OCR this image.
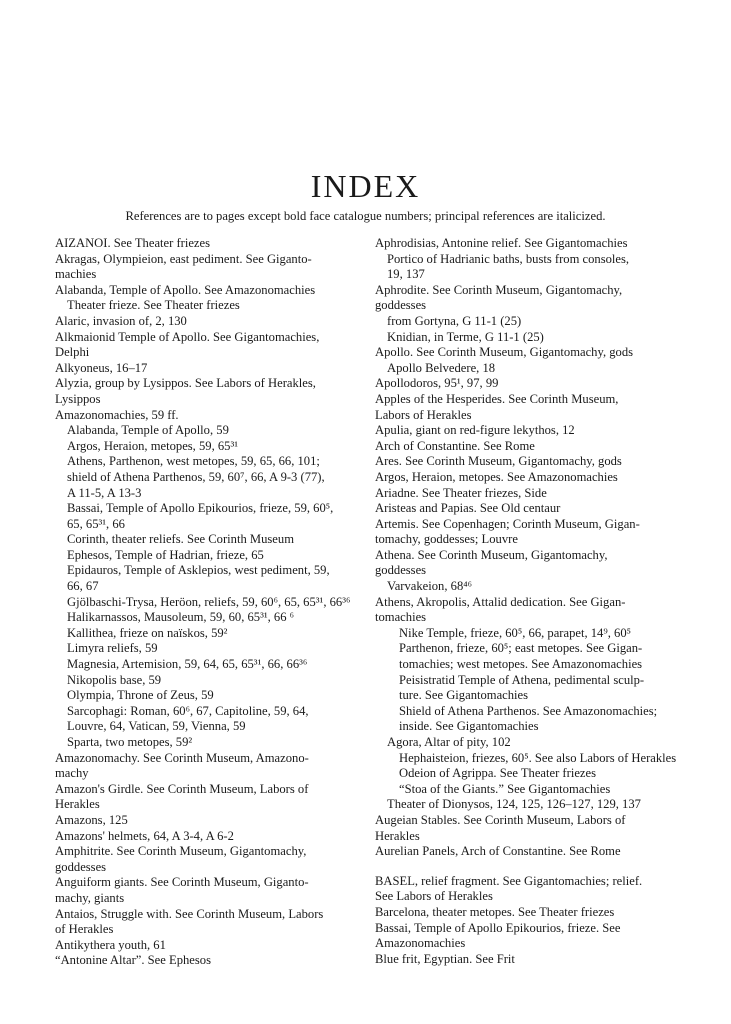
INDEX
References are to pages except bold face catalogue numbers; principal references are italicized.
AIZANOI. See Theater friezes
Akragas, Olympieion, east pediment. See Giganto-
machies
Alabanda, Temple of Apollo. See Amazonomachies
Theater frieze. See Theater friezes
Alaric, invasion of, 2, 130
Alkmaionid Temple of Apollo. See Gigantomachies,
Delphi
Alkyoneus, 16–17
Alyzia, group by Lysippos. See Labors of Herakles,
Lysippos
Amazonomachies, 59 ff.
Alabanda, Temple of Apollo, 59
Argos, Heraion, metopes, 59, 65³¹
Athens, Parthenon, west metopes, 59, 65, 66, 101;
shield of Athena Parthenos, 59, 60⁷, 66, A 9-3 (77),
A 11-5, A 13-3
Bassai, Temple of Apollo Epikourios, frieze, 59, 60⁵,
65, 65³¹, 66
Corinth, theater reliefs. See Corinth Museum
Ephesos, Temple of Hadrian, frieze, 65
Epidauros, Temple of Asklepios, west pediment, 59,
66, 67
Gjölbaschi-Trysa, Heröon, reliefs, 59, 60⁶, 65, 65³¹, 66³⁶
Halikarnassos, Mausoleum, 59, 60, 65³¹, 66 ⁶
Kallithea, frieze on naïskos, 59²
Limyra reliefs, 59
Magnesia, Artemision, 59, 64, 65, 65³¹, 66, 66³⁶
Nikopolis base, 59
Olympia, Throne of Zeus, 59
Sarcophagi: Roman, 60⁶, 67, Capitoline, 59, 64,
Louvre, 64, Vatican, 59, Vienna, 59
Sparta, two metopes, 59²
Amazonomachy. See Corinth Museum, Amazono-
machy
Amazon's Girdle. See Corinth Museum, Labors of
Herakles
Amazons, 125
Amazons' helmets, 64, A 3-4, A 6-2
Amphitrite. See Corinth Museum, Gigantomachy,
goddesses
Anguiform giants. See Corinth Museum, Giganto-
machy, giants
Antaios, Struggle with. See Corinth Museum, Labors
of Herakles
Antikythera youth, 61
“Antonine Altar”. See Ephesos
Aphrodisias, Antonine relief. See Gigantomachies
Portico of Hadrianic baths, busts from consoles,
19, 137
Aphrodite. See Corinth Museum, Gigantomachy,
goddesses
from Gortyna, G 11-1 (25)
Knidian, in Terme, G 11-1 (25)
Apollo. See Corinth Museum, Gigantomachy, gods
Apollo Belvedere, 18
Apollodoros, 95¹, 97, 99
Apples of the Hesperides. See Corinth Museum,
Labors of Herakles
Apulia, giant on red-figure lekythos, 12
Arch of Constantine. See Rome
Ares. See Corinth Museum, Gigantomachy, gods
Argos, Heraion, metopes. See Amazonomachies
Ariadne. See Theater friezes, Side
Aristeas and Papias. See Old centaur
Artemis. See Copenhagen; Corinth Museum, Gigan-
tomachy, goddesses; Louvre
Athena. See Corinth Museum, Gigantomachy,
goddesses
Varvakeion, 68⁴⁶
Athens, Akropolis, Attalid dedication. See Gigan-
tomachies
Nike Temple, frieze, 60⁵, 66, parapet, 14⁹, 60⁵
Parthenon, frieze, 60⁵; east metopes. See Gigan-
tomachies; west metopes. See Amazonomachies
Peisistratid Temple of Athena, pedimental sculp-
ture. See Gigantomachies
Shield of Athena Parthenos. See Amazonomachies;
inside. See Gigantomachies
Agora, Altar of pity, 102
Hephaisteion, friezes, 60⁵. See also Labors of Herakles
Odeion of Agrippa. See Theater friezes
“Stoa of the Giants.” See Gigantomachies
Theater of Dionysos, 124, 125, 126–127, 129, 137
Augeian Stables. See Corinth Museum, Labors of
Herakles
Aurelian Panels, Arch of Constantine. See Rome
BASEL, relief fragment. See Gigantomachies; relief.
See Labors of Herakles
Barcelona, theater metopes. See Theater friezes
Bassai, Temple of Apollo Epikourios, frieze. See
Amazonomachies
Blue frit, Egyptian. See Frit
